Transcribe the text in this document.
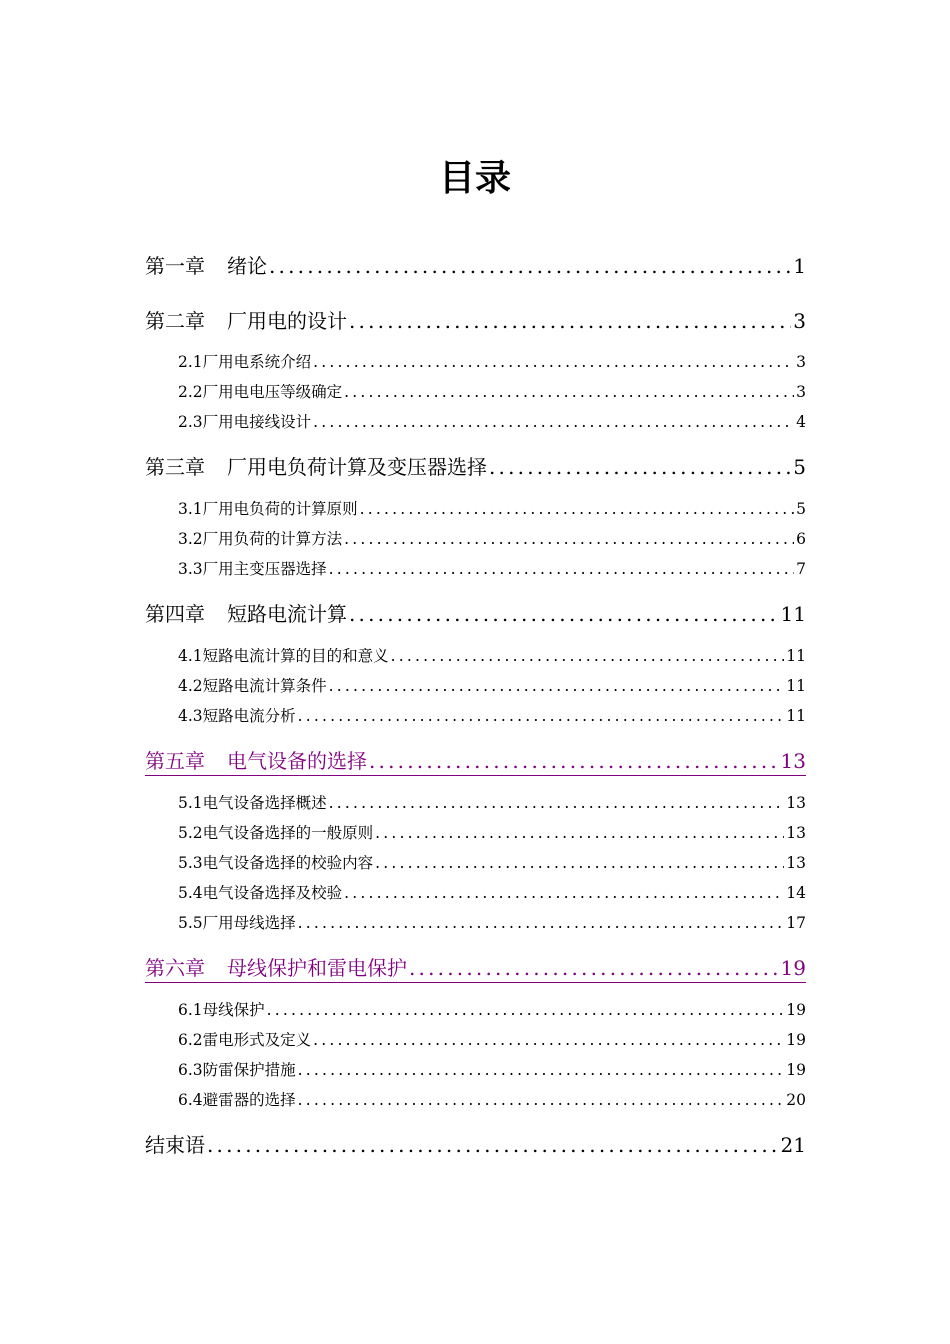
目录
第一章 绪论 .....	1
第二章 厂用电的设计 .....	3
2.1厂用电系统介绍 .....	3
2.2厂用电电压等级确定 .....	3
2.3厂用电接线设计 .....	4
第三章 厂用电负荷计算及变压器选择 .....	5
3.1厂用电负荷的计算原则 .....	5
3.2厂用负荷的计算方法 .....	6
3.3厂用主变压器选择 .....	7
第四章 短路电流计算 .....	11
4.1短路电流计算的目的和意义 .....	11
4.2短路电流计算条件 .....	11
4.3短路电流分析 .....	11
第五章 电气设备的选择 .....	13
5.1电气设备选择概述 .....	13
5.2电气设备选择的一般原则 .....	13
5.3电气设备选择的校验内容 .....	13
5.4电气设备选择及校验 .....	14
5.5厂用母线选择 .....	17
第六章 母线保护和雷电保护 .....	19
6.1母线保护 .....	19
6.2雷电形式及定义 .....	19
6.3防雷保护措施 .....	19
6.4避雷器的选择 .....	20
结束语 .....	21
